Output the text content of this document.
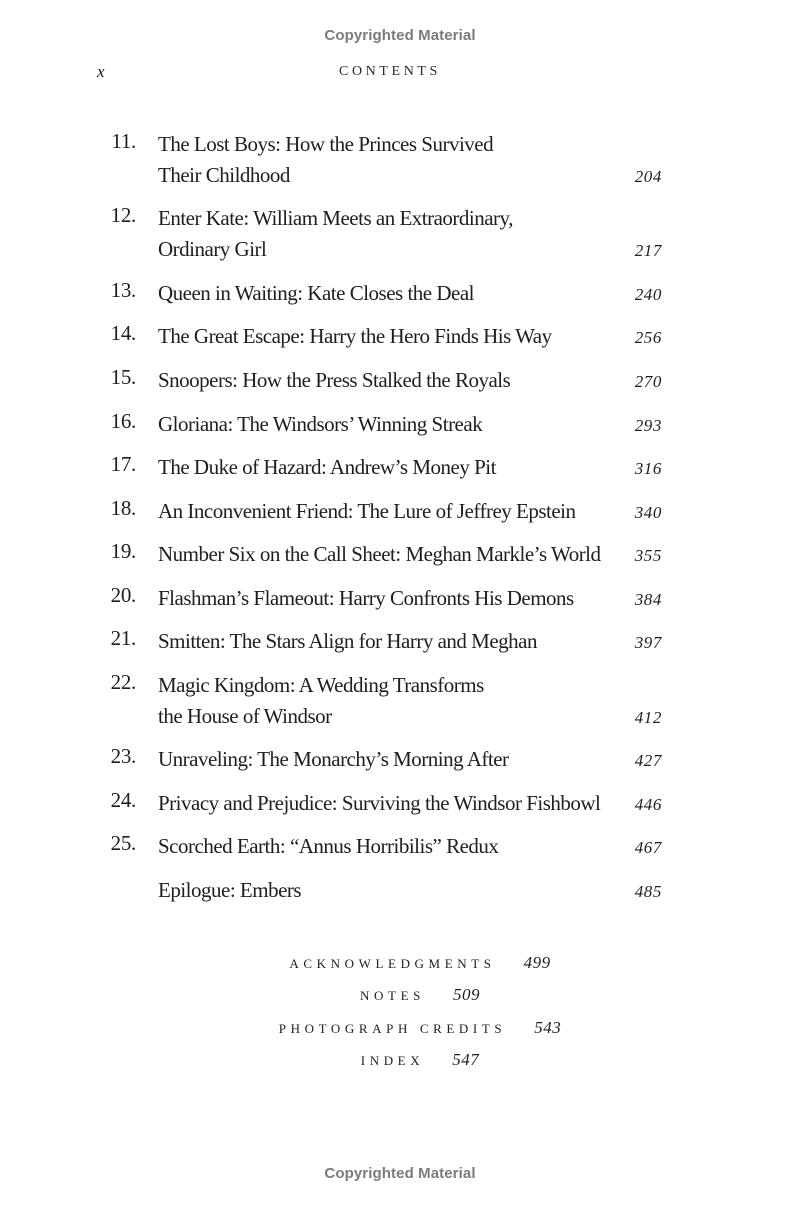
Copyrighted Material
x	CONTENTS
11. The Lost Boys: How the Princes Survived
Their Childhood	204
12. Enter Kate: William Meets an Extraordinary,
Ordinary Girl	217
13. Queen in Waiting: Kate Closes the Deal	240
14. The Great Escape: Harry the Hero Finds His Way	256
15. Snoopers: How the Press Stalked the Royals	270
16. Gloriana: The Windsors’ Winning Streak	293
17. The Duke of Hazard: Andrew’s Money Pit	316
18. An Inconvenient Friend: The Lure of Jeffrey Epstein	340
19. Number Six on the Call Sheet: Meghan Markle’s World 355
20. Flashman’s Flameout: Harry Confronts His Demons	384
21. Smitten: The Stars Align for Harry and Meghan	397
22. Magic Kingdom: A Wedding Transforms
the House of Windsor	412
23. Unraveling: The Monarchy’s Morning After	427
24. Privacy and Prejudice: Surviving the Windsor Fishbowl 446
25. Scorched Earth: “Annus Horribilis” Redux	467
Epilogue: Embers	485
ACKNOWLEDGMENTS 499
NOTES 509
PHOTOGRAPH CREDITS 543
INDEX 547
Copyrighted Material
